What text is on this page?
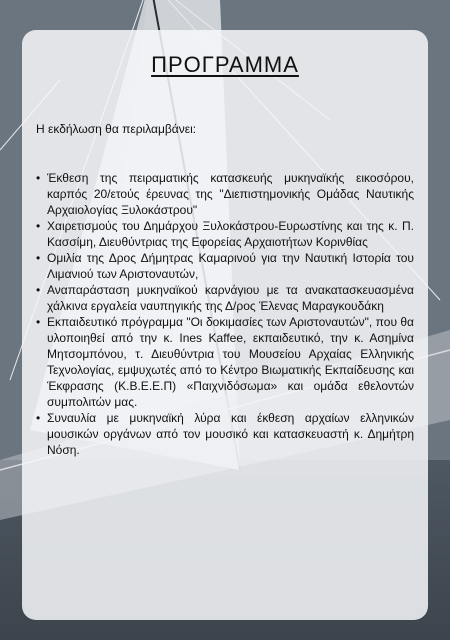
ΠΡΟΓΡΑΜΜΑ

Η εκδήλωση θα περιλαμβάνει:

• Έκθεση της πειραματικής κατασκευής μυκηναϊκής εικοσόρου, καρπός 20/ετούς έρευνας της "Διεπιστημονικής Ομάδας Ναυτικής Αρχαιολογίας Ξυλοκάστρου"
• Χαιρετισμούς του Δημάρχου Ξυλοκάστρου-Ευρωστίνης και της κ. Π. Κασσίμη, Διευθύντριας της Εφορείας Αρχαιοτήτων Κορινθίας
• Ομιλία της Δρος Δήμητρας Καμαρινού για την Ναυτική Ιστορία του Λιμανιού των Αριστοναυτών,
• Αναπαράσταση μυκηναϊκού καρνάγιου με τα ανακατασκευασμένα χάλκινα εργαλεία ναυπηγικής της Δ/ρος Έλενας Μαραγκουδάκη
• Εκπαιδευτικό πρόγραμμα "Οι δοκιμασίες των Αριστοναυτών", που θα υλοποιηθεί από την κ. Ines Kaffee, εκπαιδευτικό, την κ. Ασημίνα Μητσομπόνου, τ. Διευθύντρια του Μουσείου Αρχαίας Ελληνικής Τεχνολογίας, εμψυχωτές από το Κέντρο Βιωματικής Εκπαίδευσης και Έκφρασης (Κ.Β.Ε.Ε.Π) «Παιχνιδόσωμα» και ομάδα εθελοντών συμπολιτών μας.
• Συναυλία με μυκηναϊκή λύρα και έκθεση αρχαίων ελληνικών μουσικών οργάνων από τον μουσικό και κατασκευαστή κ. Δημήτρη Νόση.
